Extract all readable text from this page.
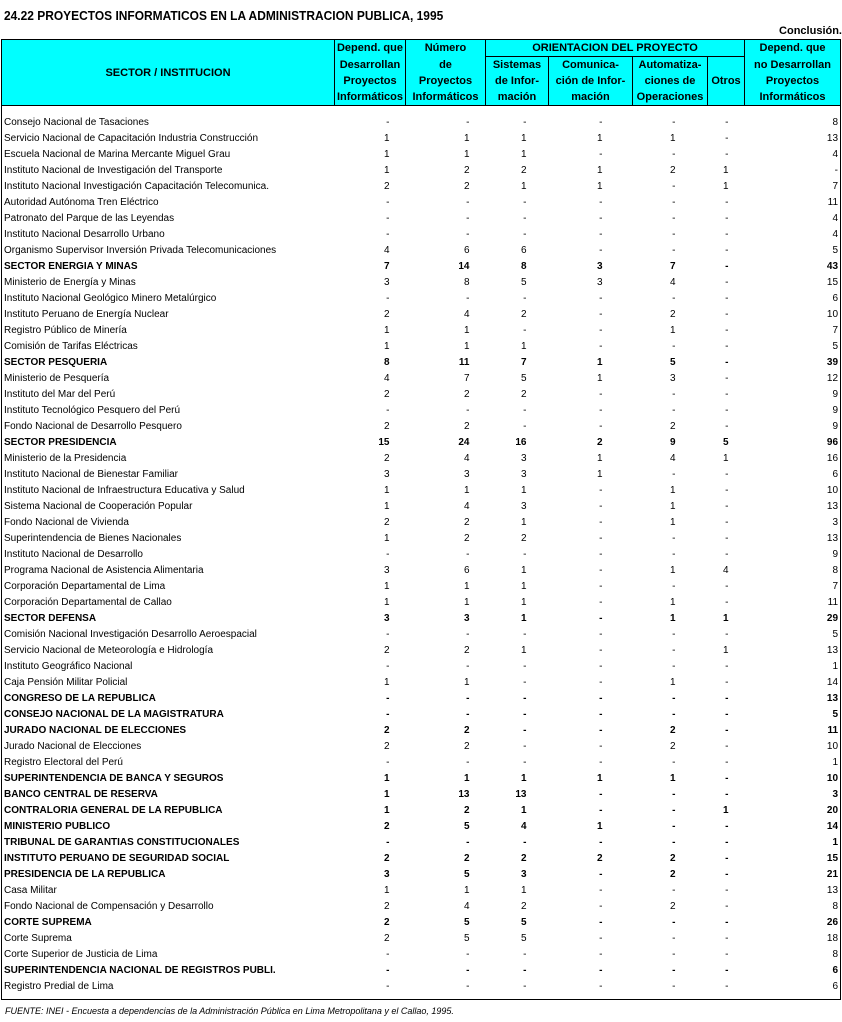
24.22 PROYECTOS INFORMATICOS EN LA ADMINISTRACION PUBLICA, 1995
Conclusión.
SECTOR / INSTITUCION	Depend. que	Número	ORIENTACION DEL PROYECTO				Depend. que
	Desarrollan	de	Sistemas	Comunica-	Automatiza-	Otros	no Desarrollan
	Proyectos	Proyectos	de Infor-	ción de Infor-	ciones de		Proyectos
	Informáticos	Informáticos	mación	mación	Operaciones		Informáticos

Consejo Nacional de Tasaciones	-	-	-	-	-	-	8
Servicio Nacional de Capacitación Industria Construcción	1	1	1	1	1	-	13
Escuela Nacional de Marina Mercante Miguel Grau	1	1	1	-	-	-	4
Instituto Nacional de Investigación del Transporte	1	2	2	1	2	1	-
Instituto Nacional Investigación Capacitación Telecomunica.	2	2	1	1	-	1	7
Autoridad Autónoma Tren Eléctrico	-	-	-	-	-	-	11
Patronato del Parque de las Leyendas	-	-	-	-	-	-	4
Instituto Nacional Desarrollo Urbano	-	-	-	-	-	-	4
Organismo Supervisor Inversión Privada Telecomunicaciones	4	6	6	-	-	-	5
SECTOR ENERGIA Y MINAS	7	14	8	3	7	-	43
Ministerio de Energía y Minas	3	8	5	3	4	-	15
Instituto Nacional Geológico Minero Metalúrgico	-	-	-	-	-	-	6
Instituto Peruano de Energía Nuclear	2	4	2	-	2	-	10
Registro Público de Minería	1	1	-	-	1	-	7
Comisión de Tarifas Eléctricas	1	1	1	-	-	-	5
SECTOR PESQUERIA	8	11	7	1	5	-	39
Ministerio de Pesquería	4	7	5	1	3	-	12
Instituto del Mar del Perú	2	2	2	-	-	-	9
Instituto Tecnológico Pesquero del Perú	-	-	-	-	-	-	9
Fondo Nacional de Desarrollo Pesquero	2	2	-	-	2	-	9
SECTOR PRESIDENCIA	15	24	16	2	9	5	96
Ministerio de la Presidencia	2	4	3	1	4	1	16
Instituto Nacional de Bienestar Familiar	3	3	3	1	-	-	6
Instituto Nacional de Infraestructura Educativa y Salud	1	1	1	-	1	-	10
Sistema Nacional de Cooperación Popular	1	4	3	-	1	-	13
Fondo Nacional de Vivienda	2	2	1	-	1	-	3
Superintendencia de Bienes Nacionales	1	2	2	-	-	-	13
Instituto Nacional de Desarrollo	-	-	-	-	-	-	9
Programa Nacional de Asistencia Alimentaria	3	6	1	-	1	4	8
Corporación Departamental de Lima	1	1	1	-	-	-	7
Corporación Departamental de Callao	1	1	1	-	1	-	11
SECTOR DEFENSA	3	3	1	-	1	1	29
Comisión Nacional Investigación Desarrollo Aeroespacial	-	-	-	-	-	-	5
Servicio Nacional de Meteorología e Hidrología	2	2	1	-	-	1	13
Instituto Geográfico Nacional	-	-	-	-	-	-	1
Caja Pensión Militar Policial	1	1	-	-	1	-	14
CONGRESO DE LA REPUBLICA	-	-	-	-	-	-	13
CONSEJO NACIONAL DE LA MAGISTRATURA	-	-	-	-	-	-	5
JURADO NACIONAL DE ELECCIONES	2	2	-	-	2	-	11
Jurado Nacional de Elecciones	2	2	-	-	2	-	10
Registro Electoral del Perú	-	-	-	-	-	-	1
SUPERINTENDENCIA DE BANCA Y SEGUROS	1	1	1	1	1	-	10
BANCO CENTRAL DE RESERVA	1	13	13	-	-	-	3
CONTRALORIA GENERAL DE LA REPUBLICA	1	2	1	-	-	1	20
MINISTERIO PUBLICO	2	5	4	1	-	-	14
TRIBUNAL DE GARANTIAS CONSTITUCIONALES	-	-	-	-	-	-	1
INSTITUTO PERUANO DE SEGURIDAD SOCIAL	2	2	2	2	2	-	15
PRESIDENCIA DE LA REPUBLICA	3	5	3	-	2	-	21
Casa Militar	1	1	1	-	-	-	13
Fondo Nacional de Compensación y Desarrollo	2	4	2	-	2	-	8
CORTE SUPREMA	2	5	5	-	-	-	26
Corte Suprema	2	5	5	-	-	-	18
Corte Superior de Justicia de Lima	-	-	-	-	-	-	8
SUPERINTENDENCIA NACIONAL DE REGISTROS PUBLI.	-	-	-	-	-	-	6
Registro Predial de Lima	-	-	-	-	-	-	6

FUENTE: INEI - Encuesta a dependencias de la Administración Pública en Lima Metropolitana y el Callao, 1995.
